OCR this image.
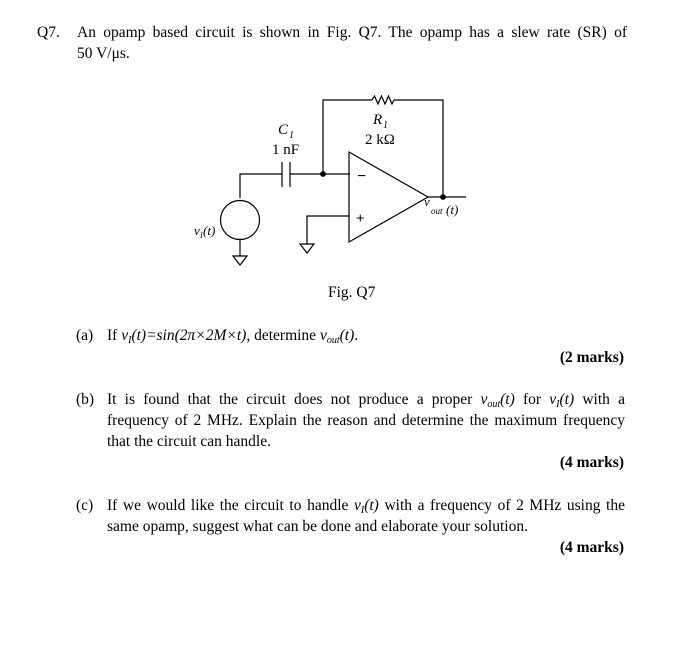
Q7. An opamp based circuit is shown in Fig. Q7. The opamp has a slew rate (SR) of
50 V/μs.
C 1
1 nF
R 1
2 kΩ
−
+
v I (t)
v
out (t)
Fig. Q7
(a) If $v_I(t)=\sin(2\pi\times 2M\times t)$, determine $v_{out}(t)$.
(2 marks)
(b) It is found that the circuit does not produce a proper $v_{out}(t)$ for $v_I(t)$ with a
frequency of 2 MHz. Explain the reason and determine the maximum frequency
that the circuit can handle.
(4 marks)
(c) If we would like the circuit to handle $v_I(t)$ with a frequency of 2 MHz using the
same opamp, suggest what can be done and elaborate your solution.
(4 marks)
